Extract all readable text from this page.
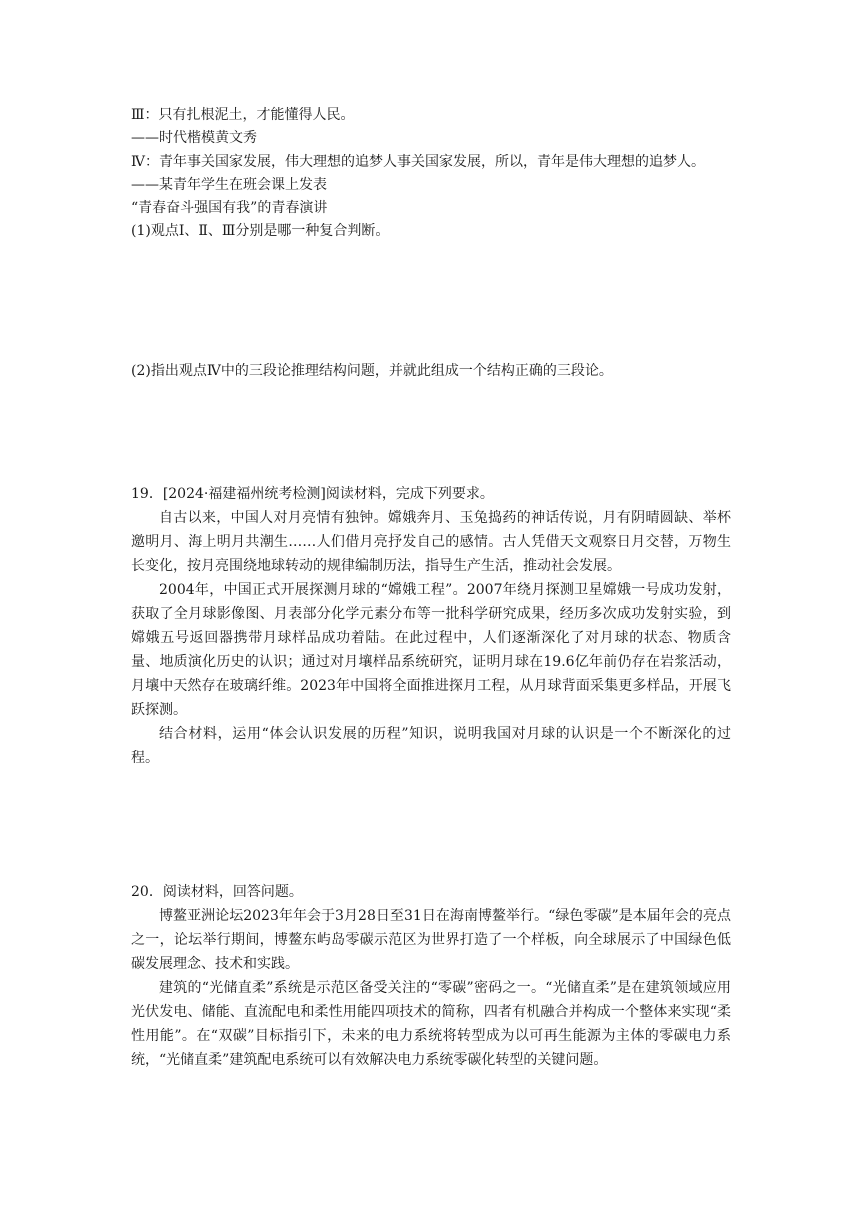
Ⅲ：只有扎根泥土，才能懂得人民。

——时代楷模黄文秀

Ⅳ：青年事关国家发展，伟大理想的追梦人事关国家发展，所以，青年是伟大理想的追梦人。

——某青年学生在班会课上发表

“青春奋斗强国有我”的青春演讲

(1)观点Ⅰ、Ⅱ、Ⅲ分别是哪一种复合判断。

(2)指出观点Ⅳ中的三段论推理结构问题，并就此组成一个结构正确的三段论。

19．[2024·福建福州统考检测]阅读材料，完成下列要求。

自古以来，中国人对月亮情有独钟。嫦娥奔月、玉兔捣药的神话传说，月有阴晴圆缺、举杯邀明月、海上明月共潮生……人们借月亮抒发自己的感情。古人凭借天文观察日月交替，万物生长变化，按月亮围绕地球转动的规律编制历法，指导生产生活，推动社会发展。

2004年，中国正式开展探测月球的“嫦娥工程”。2007年绕月探测卫星嫦娥一号成功发射，获取了全月球影像图、月表部分化学元素分布等一批科学研究成果，经历多次成功发射实验，到嫦娥五号返回器携带月球样品成功着陆。在此过程中，人们逐渐深化了对月球的状态、物质含量、地质演化历史的认识；通过对月壤样品系统研究，证明月球在19.6亿年前仍存在岩浆活动，月壤中天然存在玻璃纤维。2023年中国将全面推进探月工程，从月球背面采集更多样品，开展飞跃探测。

结合材料，运用“体会认识发展的历程”知识，说明我国对月球的认识是一个不断深化的过程。

20．阅读材料，回答问题。

博鳌亚洲论坛2023年年会于3月28日至31日在海南博鳌举行。“绿色零碳”是本届年会的亮点之一，论坛举行期间，博鳌东屿岛零碳示范区为世界打造了一个样板，向全球展示了中国绿色低碳发展理念、技术和实践。

建筑的“光储直柔”系统是示范区备受关注的“零碳”密码之一。“光储直柔”是在建筑领域应用光伏发电、储能、直流配电和柔性用能四项技术的简称，四者有机融合并构成一个整体来实现“柔性用能”。在“双碳”目标指引下，未来的电力系统将转型成为以可再生能源为主体的零碳电力系统，“光储直柔”建筑配电系统可以有效解决电力系统零碳化转型的关键问题。
